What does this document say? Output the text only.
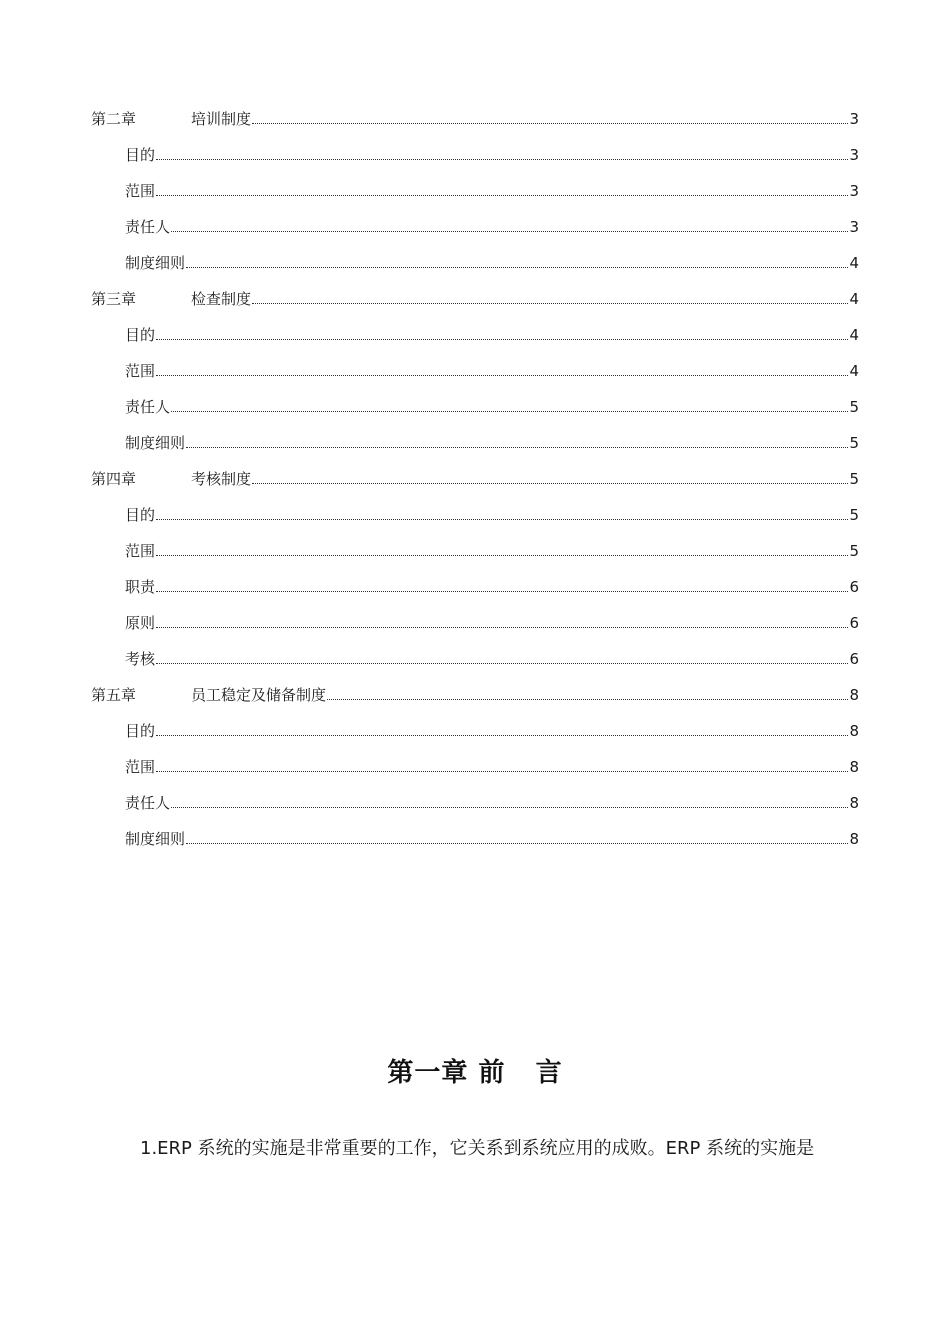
第二章	培训制度	3
目的	3
范围	3
责任人	3
制度细则	4
第三章	检查制度	4
目的	4
范围	4
责任人	5
制度细则	5
第四章	考核制度	5
目的	5
范围	5
职责	6
原则	6
考核	6
第五章	员工稳定及储备制度	8
目的	8
范围	8
责任人	8
制度细则	8
第一章 前   言
1.ERP 系统的实施是非常重要的工作，它关系到系统应用的成败。ERP 系统的实施是
